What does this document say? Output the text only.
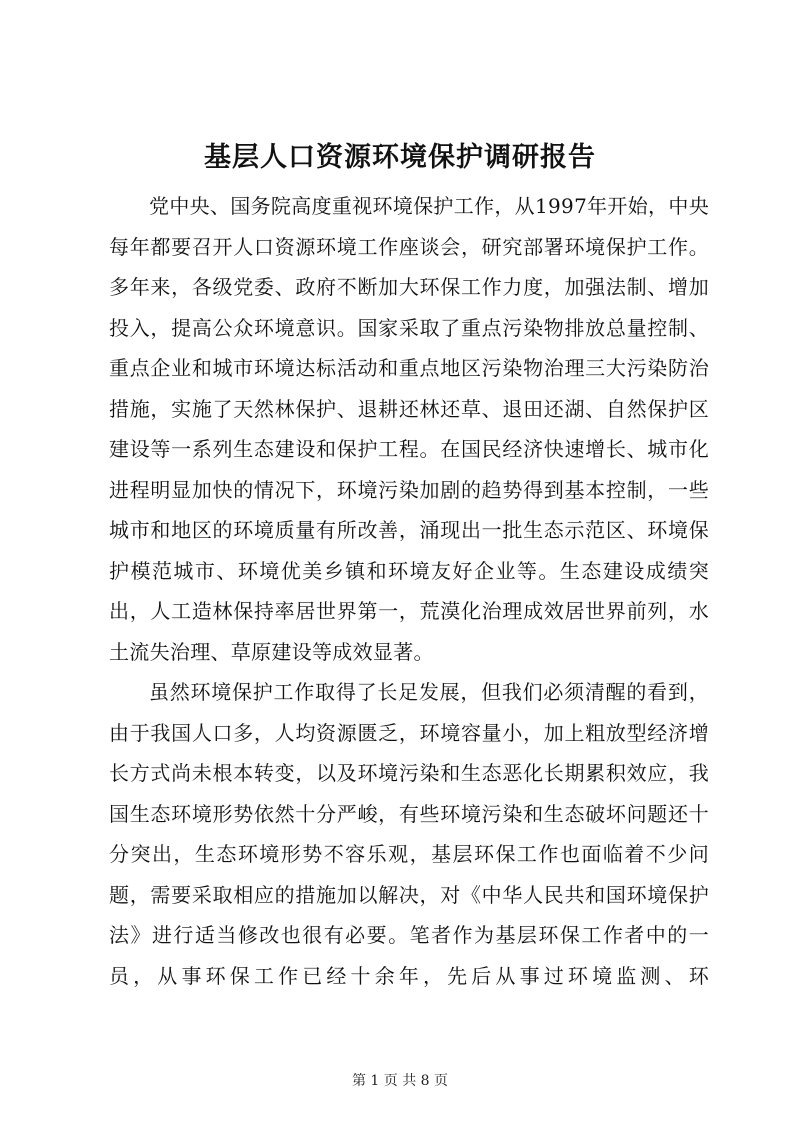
基层人口资源环境保护调研报告

党中央、国务院高度重视环境保护工作，从1997年开始，中央每年都要召开人口资源环境工作座谈会，研究部署环境保护工作。多年来，各级党委、政府不断加大环保工作力度，加强法制、增加投入，提高公众环境意识。国家采取了重点污染物排放总量控制、重点企业和城市环境达标活动和重点地区污染物治理三大污染防治措施，实施了天然林保护、退耕还林还草、退田还湖、自然保护区建设等一系列生态建设和保护工程。在国民经济快速增长、城市化进程明显加快的情况下，环境污染加剧的趋势得到基本控制，一些城市和地区的环境质量有所改善，涌现出一批生态示范区、环境保护模范城市、环境优美乡镇和环境友好企业等。生态建设成绩突出，人工造林保持率居世界第一，荒漠化治理成效居世界前列，水土流失治理、草原建设等成效显著。

虽然环境保护工作取得了长足发展，但我们必须清醒的看到，由于我国人口多，人均资源匮乏，环境容量小，加上粗放型经济增长方式尚未根本转变，以及环境污染和生态恶化长期累积效应，我国生态环境形势依然十分严峻，有些环境污染和生态破坏问题还十分突出，生态环境形势不容乐观，基层环保工作也面临着不少问题，需要采取相应的措施加以解决，对《中华人民共和国环境保护法》进行适当修改也很有必要。笔者作为基层环保工作者中的一员，从事环保工作已经十余年，先后从事过环境监测、环

第 1 页 共 8 页
